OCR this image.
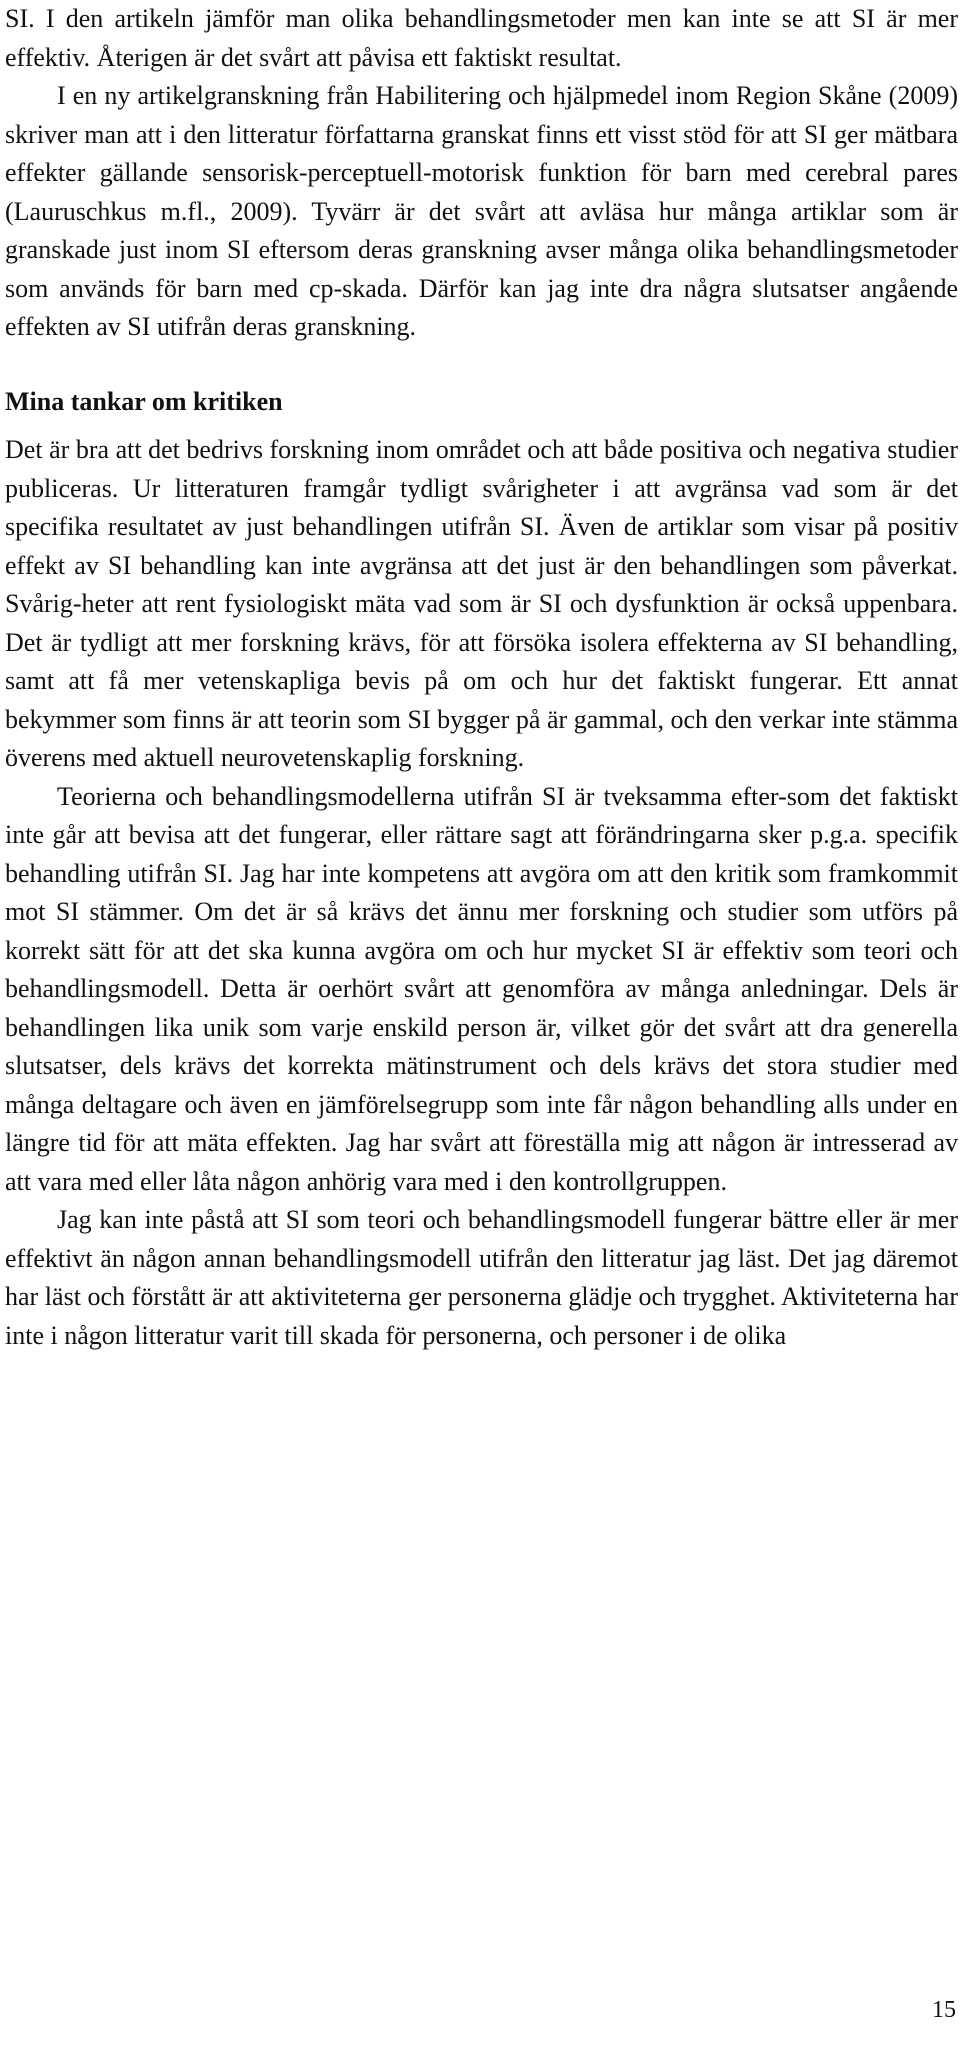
SI. I den artikeln jämför man olika behandlingsmetoder men kan inte se att SI är mer effektiv. Återigen är det svårt att påvisa ett faktiskt resultat.

I en ny artikelgranskning från Habilitering och hjälpmedel inom Region Skåne (2009) skriver man att i den litteratur författarna granskat finns ett visst stöd för att SI ger mätbara effekter gällande sensorisk-perceptuell-motorisk funktion för barn med cerebral pares (Lauruschkus m.fl., 2009). Tyvärr är det svårt att avläsa hur många artiklar som är granskade just inom SI eftersom deras granskning avser många olika behandlingsmetoder som används för barn med cp-skada. Därför kan jag inte dra några slutsatser angående effekten av SI utifrån deras granskning.

Mina tankar om kritiken

Det är bra att det bedrivs forskning inom området och att både positiva och negativa studier publiceras. Ur litteraturen framgår tydligt svårigheter i att avgränsa vad som är det specifika resultatet av just behandlingen utifrån SI. Även de artiklar som visar på positiv effekt av SI behandling kan inte avgränsa att det just är den behandlingen som påverkat. Svårig-heter att rent fysiologiskt mäta vad som är SI och dysfunktion är också uppenbara. Det är tydligt att mer forskning krävs, för att försöka isolera effekterna av SI behandling, samt att få mer vetenskapliga bevis på om och hur det faktiskt fungerar. Ett annat bekymmer som finns är att teorin som SI bygger på är gammal, och den verkar inte stämma överens med aktuell neurovetenskaplig forskning.

Teorierna och behandlingsmodellerna utifrån SI är tveksamma efter-som det faktiskt inte går att bevisa att det fungerar, eller rättare sagt att förändringarna sker p.g.a. specifik behandling utifrån SI. Jag har inte kompetens att avgöra om att den kritik som framkommit mot SI stämmer. Om det är så krävs det ännu mer forskning och studier som utförs på korrekt sätt för att det ska kunna avgöra om och hur mycket SI är effektiv som teori och behandlingsmodell. Detta är oerhört svårt att genomföra av många anledningar. Dels är behandlingen lika unik som varje enskild person är, vilket gör det svårt att dra generella slutsatser, dels krävs det korrekta mätinstrument och dels krävs det stora studier med många deltagare och även en jämförelsegrupp som inte får någon behandling alls under en längre tid för att mäta effekten. Jag har svårt att föreställa mig att någon är intresserad av att vara med eller låta någon anhörig vara med i den kontrollgruppen.

Jag kan inte påstå att SI som teori och behandlingsmodell fungerar bättre eller är mer effektivt än någon annan behandlingsmodell utifrån den litteratur jag läst. Det jag däremot har läst och förstått är att aktiviteterna ger personerna glädje och trygghet. Aktiviteterna har inte i någon litteratur varit till skada för personerna, och personer i de olika

15
